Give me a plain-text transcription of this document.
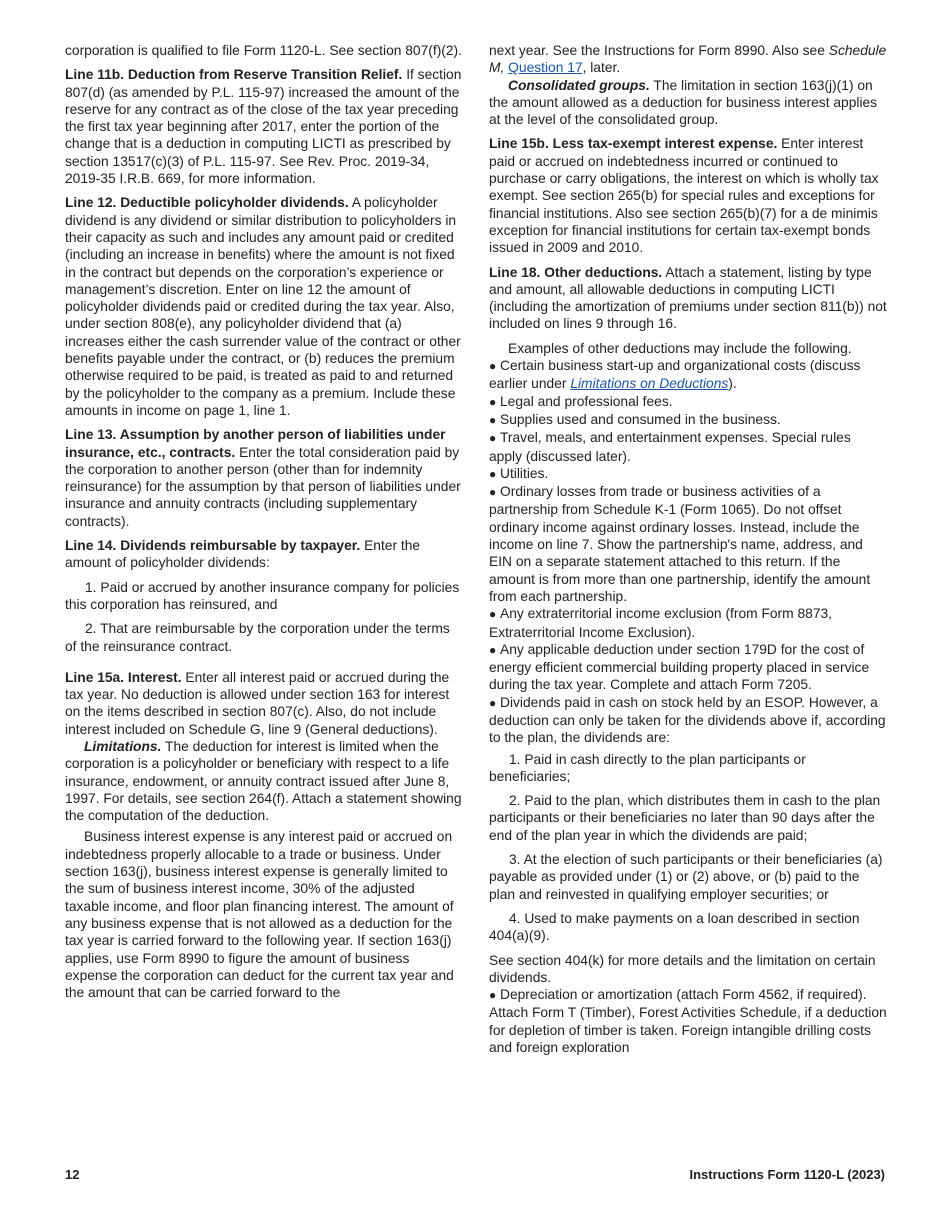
corporation is qualified to file Form 1120-L. See section 807(f)(2).

Line 11b. Deduction from Reserve Transition Relief. If section 807(d) (as amended by P.L. 115-97) increased the amount of the reserve for any contract as of the close of the tax year preceding the first tax year beginning after 2017, enter the portion of the change that is a deduction in computing LICTI as prescribed by section 13517(c)(3) of P.L. 115-97. See Rev. Proc. 2019-34, 2019-35 I.R.B. 669, for more information.

Line 12. Deductible policyholder dividends. A policyholder dividend is any dividend or similar distribution to policyholders in their capacity as such and includes any amount paid or credited (including an increase in benefits) where the amount is not fixed in the contract but depends on the corporation’s experience or management’s discretion. Enter on line 12 the amount of policyholder dividends paid or credited during the tax year. Also, under section 808(e), any policyholder dividend that (a) increases either the cash surrender value of the contract or other benefits payable under the contract, or (b) reduces the premium otherwise required to be paid, is treated as paid to and returned by the policyholder to the company as a premium. Include these amounts in income on page 1, line 1.

Line 13. Assumption by another person of liabilities under insurance, etc., contracts. Enter the total consideration paid by the corporation to another person (other than for indemnity reinsurance) for the assumption by that person of liabilities under insurance and annuity contracts (including supplementary contracts).

Line 14. Dividends reimbursable by taxpayer. Enter the amount of policyholder dividends:

1. Paid or accrued by another insurance company for policies this corporation has reinsured, and

2. That are reimbursable by the corporation under the terms of the reinsurance contract.

Line 15a. Interest. Enter all interest paid or accrued during the tax year. No deduction is allowed under section 163 for interest on the items described in section 807(c). Also, do not include interest included on Schedule G, line 9 (General deductions).

Limitations. The deduction for interest is limited when the corporation is a policyholder or beneficiary with respect to a life insurance, endowment, or annuity contract issued after June 8, 1997. For details, see section 264(f). Attach a statement showing the computation of the deduction.

Business interest expense is any interest paid or accrued on indebtedness properly allocable to a trade or business. Under section 163(j), business interest expense is generally limited to the sum of business interest income, 30% of the adjusted taxable income, and floor plan financing interest. The amount of any business expense that is not allowed as a deduction for the tax year is carried forward to the following year. If section 163(j) applies, use Form 8990 to figure the amount of business expense the corporation can deduct for the current tax year and the amount that can be carried forward to the

next year. See the Instructions for Form 8990. Also see Schedule M, Question 17, later.

Consolidated groups. The limitation in section 163(j)(1) on the amount allowed as a deduction for business interest applies at the level of the consolidated group.

Line 15b. Less tax-exempt interest expense. Enter interest paid or accrued on indebtedness incurred or continued to purchase or carry obligations, the interest on which is wholly tax exempt. See section 265(b) for special rules and exceptions for financial institutions. Also see section 265(b)(7) for a de minimis exception for financial institutions for certain tax-exempt bonds issued in 2009 and 2010.

Line 18. Other deductions. Attach a statement, listing by type and amount, all allowable deductions in computing LICTI (including the amortization of premiums under section 811(b)) not included on lines 9 through 16.

Examples of other deductions may include the following.

● Certain business start-up and organizational costs (discuss earlier under Limitations on Deductions).

● Legal and professional fees.

● Supplies used and consumed in the business.

● Travel, meals, and entertainment expenses. Special rules apply (discussed later).

● Utilities.

● Ordinary losses from trade or business activities of a partnership from Schedule K-1 (Form 1065). Do not offset ordinary income against ordinary losses. Instead, include the income on line 7. Show the partnership's name, address, and EIN on a separate statement attached to this return. If the amount is from more than one partnership, identify the amount from each partnership.

● Any extraterritorial income exclusion (from Form 8873, Extraterritorial Income Exclusion).

● Any applicable deduction under section 179D for the cost of energy efficient commercial building property placed in service during the tax year. Complete and attach Form 7205.

● Dividends paid in cash on stock held by an ESOP. However, a deduction can only be taken for the dividends above if, according to the plan, the dividends are:

1. Paid in cash directly to the plan participants or beneficiaries;

2. Paid to the plan, which distributes them in cash to the plan participants or their beneficiaries no later than 90 days after the end of the plan year in which the dividends are paid;

3. At the election of such participants or their beneficiaries (a) payable as provided under (1) or (2) above, or (b) paid to the plan and reinvested in qualifying employer securities; or

4. Used to make payments on a loan described in section 404(a)(9).

See section 404(k) for more details and the limitation on certain dividends.

● Depreciation or amortization (attach Form 4562, if required). Attach Form T (Timber), Forest Activities Schedule, if a deduction for depletion of timber is taken. Foreign intangible drilling costs and foreign exploration

12	Instructions Form 1120-L (2023)
